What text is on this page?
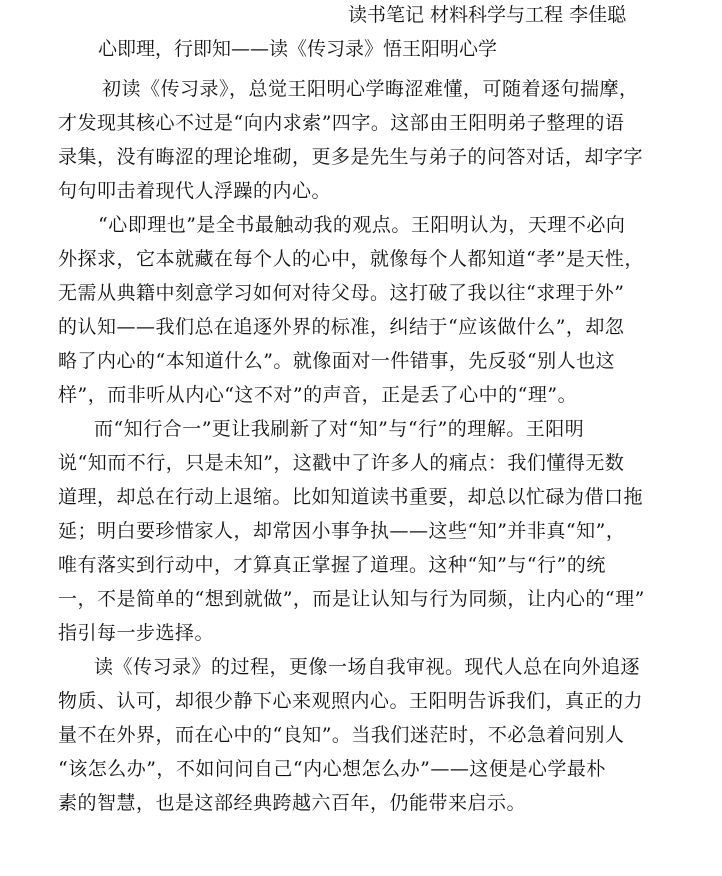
读书笔记 材料科学与工程 李佳聪
心即理，行即知——读《传习录》悟王阳明心学
初读《传习录》，总觉王阳明心学晦涩难懂，可随着逐句揣摩，
才发现其核心不过是“向内求索”四字。这部由王阳明弟子整理的语
录集，没有晦涩的理论堆砌，更多是先生与弟子的问答对话，却字字
句句叩击着现代人浮躁的内心。
“心即理也”是全书最触动我的观点。王阳明认为，天理不必向
外探求，它本就藏在每个人的心中，就像每个人都知道“孝”是天性，
无需从典籍中刻意学习如何对待父母。这打破了我以往“求理于外”
的认知——我们总在追逐外界的标准，纠结于“应该做什么”，却忽
略了内心的“本知道什么”。就像面对一件错事，先反驳“别人也这
样”，而非听从内心“这不对”的声音，正是丢了心中的“理”。
而“知行合一”更让我刷新了对“知”与“行”的理解。王阳明
说“知而不行，只是未知”，这戳中了许多人的痛点：我们懂得无数
道理，却总在行动上退缩。比如知道读书重要，却总以忙碌为借口拖
延；明白要珍惜家人，却常因小事争执——这些“知”并非真“知”，
唯有落实到行动中，才算真正掌握了道理。这种“知”与“行”的统
一，不是简单的“想到就做”，而是让认知与行为同频，让内心的“理”
指引每一步选择。
读《传习录》的过程，更像一场自我审视。现代人总在向外追逐
物质、认可，却很少静下心来观照内心。王阳明告诉我们，真正的力
量不在外界，而在心中的“良知”。当我们迷茫时，不必急着问别人
“该怎么办”，不如问问自己“内心想怎么办”——这便是心学最朴
素的智慧，也是这部经典跨越六百年，仍能带来启示。
